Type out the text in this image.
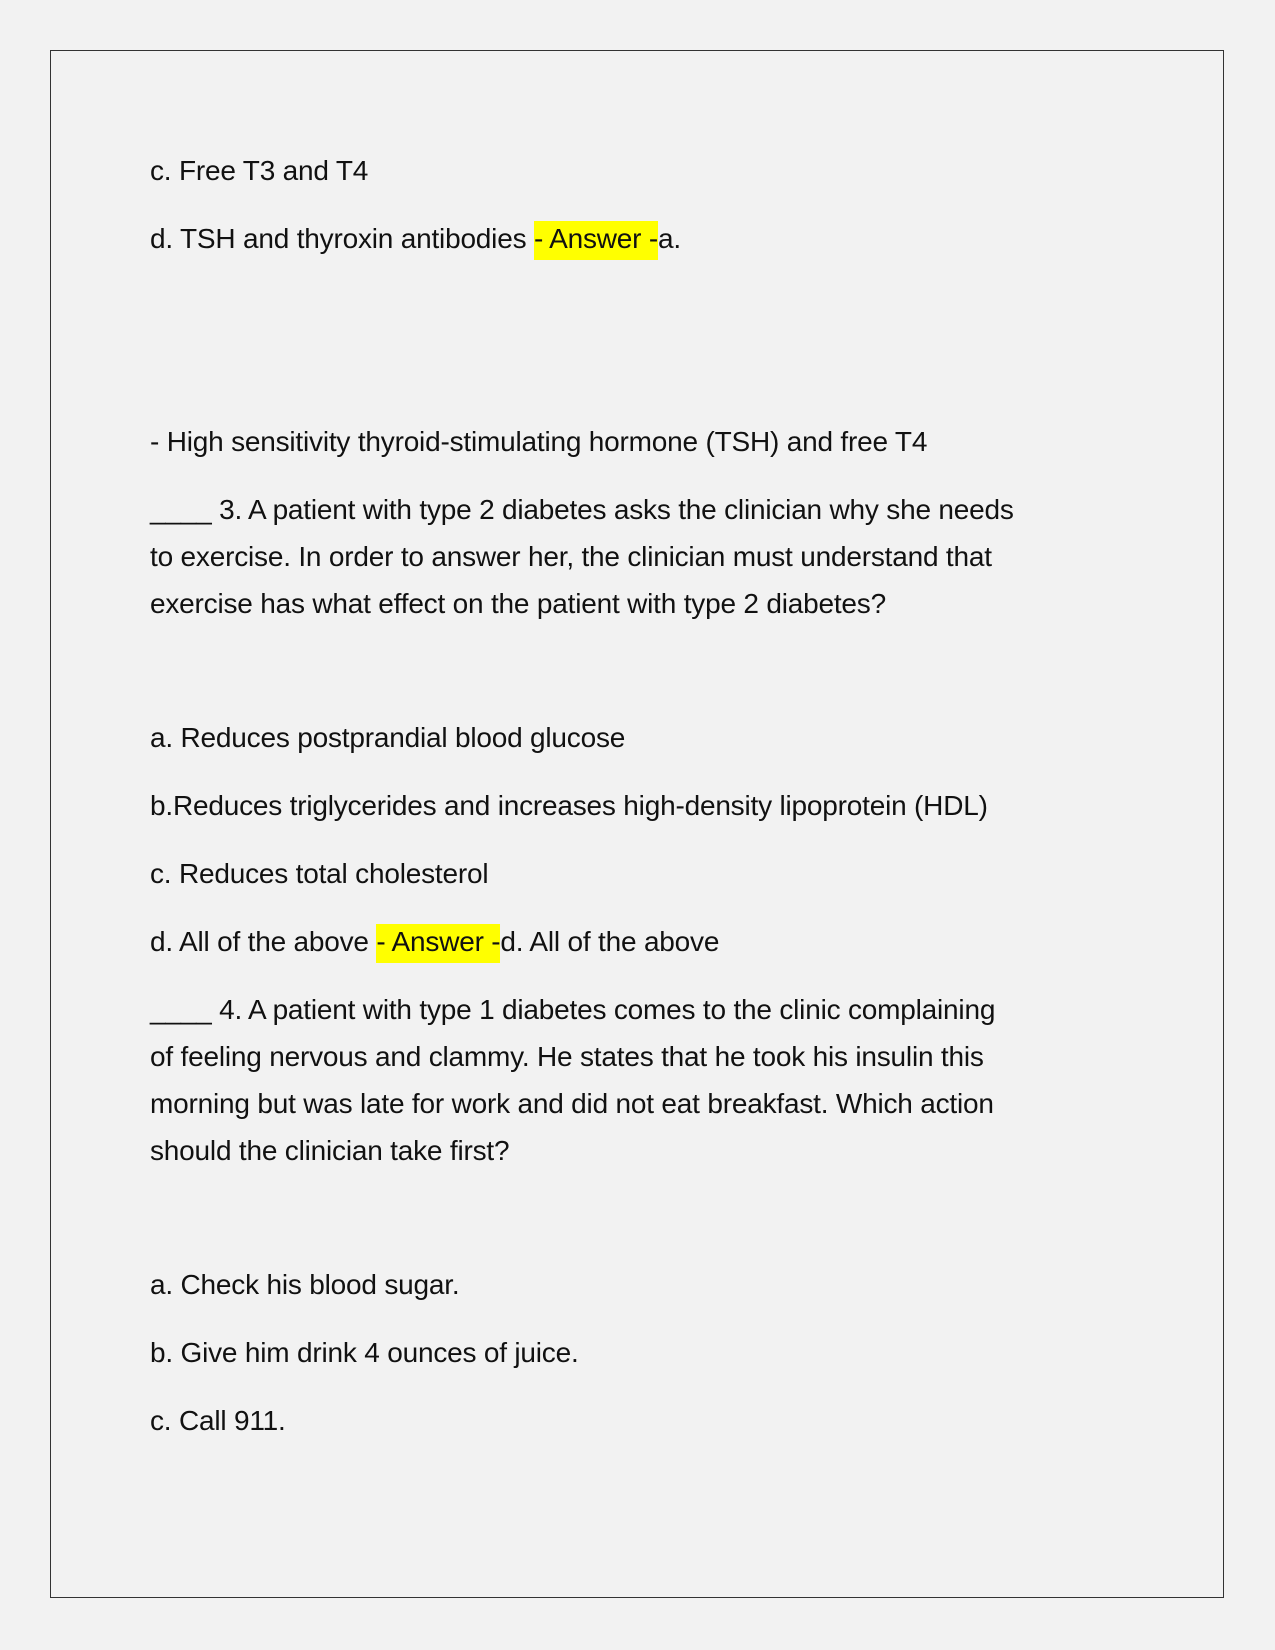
c. Free T3 and T4
d. TSH and thyroxin antibodies - Answer -a.
- High sensitivity thyroid-stimulating hormone (TSH) and free T4
____ 3. A patient with type 2 diabetes asks the clinician why she needs
to exercise. In order to answer her, the clinician must understand that
exercise has what effect on the patient with type 2 diabetes?
a. Reduces postprandial blood glucose
b.Reduces triglycerides and increases high-density lipoprotein (HDL)
c. Reduces total cholesterol
d. All of the above - Answer -d. All of the above
____ 4. A patient with type 1 diabetes comes to the clinic complaining
of feeling nervous and clammy. He states that he took his insulin this
morning but was late for work and did not eat breakfast. Which action
should the clinician take first?
a. Check his blood sugar.
b. Give him drink 4 ounces of juice.
c. Call 911.
